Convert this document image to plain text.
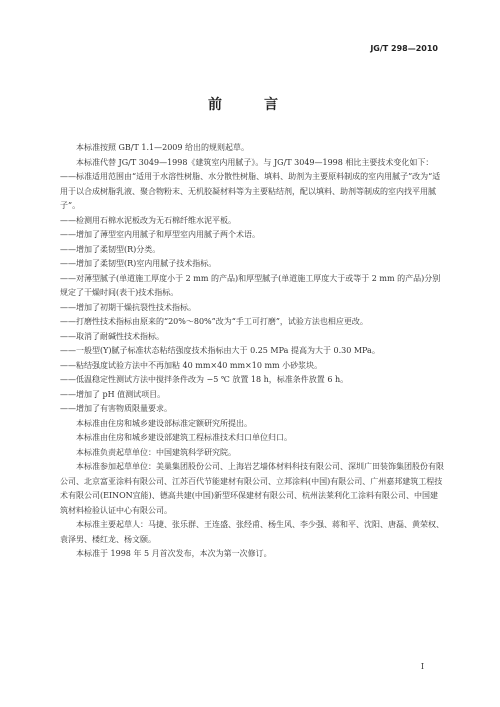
JG/T 298—2010
前　言

本标准按照 GB/T 1.1—2009 给出的规则起草。

本标准代替 JG/T 3049—1998《建筑室内用腻子》。与 JG/T 3049—1998 相比主要技术变化如下：

——标准适用范围由“适用于水溶性树脂、水分散性树脂、填料、助剂为主要原料制成的室内用腻子”改为“适用于以合成树脂乳液、聚合物粉末、无机胶凝材料等为主要粘结剂，配以填料、助剂等制成的室内找平用腻子”。

——检测用石棉水泥板改为无石棉纤维水泥平板。

——增加了薄型室内用腻子和厚型室内用腻子两个术语。

——增加了柔韧型(R)分类。

——增加了柔韧型(R)室内用腻子技术指标。

——对薄型腻子(单道施工厚度小于 2 mm 的产品)和厚型腻子(单道施工厚度大于或等于 2 mm 的产品)分别规定了干燥时间(表干)技术指标。

——增加了初期干燥抗裂性技术指标。

——打磨性技术指标由原来的“20%～80%”改为“手工可打磨”，试验方法也相应更改。

——取消了耐碱性技术指标。

——一般型(Y)腻子标准状态粘结强度技术指标由大于 0.25 MPa 提高为大于 0.30 MPa。

——粘结强度试验方法中不再加粘 40 mm×40 mm×10 mm 小砂浆块。

——低温稳定性测试方法中搅拌条件改为 −5 ℃ 放置 18 h，标准条件放置 6 h。

——增加了 pH 值测试项目。

——增加了有害物质限量要求。

本标准由住房和城乡建设部标准定额研究所提出。

本标准由住房和城乡建设部建筑工程标准技术归口单位归口。

本标准负责起草单位：中国建筑科学研究院。

本标准参加起草单位：美巢集团股份公司、上海岩艺墙体材料科技有限公司、深圳广田装饰集团股份有限公司、北京富亚涂料有限公司、江苏百代节能建材有限公司、立邦涂料(中国)有限公司、广州嘉邦建筑工程技术有限公司(EINON宜能)、德高共建(中国)新型环保建材有限公司、杭州法莱利化工涂料有限公司、中国建筑材料检验认证中心有限公司。

本标准主要起草人：马捷、张乐群、王连盛、张经甫、杨生风、李少强、蒋和平、沈阳、唐磊、黄荣权、袁泽男、楼红龙、杨文颐。

本标准于 1998 年 5 月首次发布，本次为第一次修订。

I
